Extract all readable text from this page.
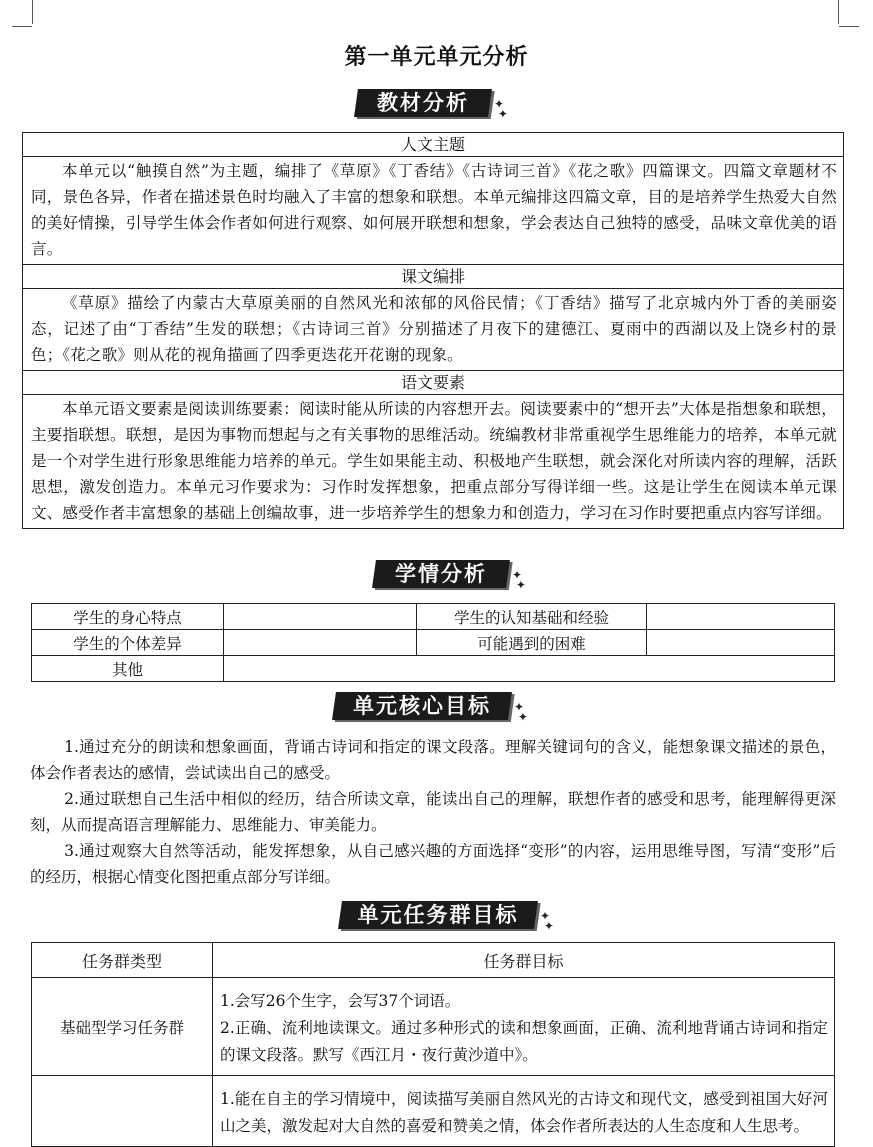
第一单元单元分析
教材分析	✦
✦
人文主题
本单元以“触摸自然”为主题，编排了《草原》《丁香结》《古诗词三首》《花之歌》四篇课文。四篇文章题材不同，景色各异，作者在描述景色时均融入了丰富的想象和联想。本单元编排这四篇文章，目的是培养学生热爱大自然的美好情操，引导学生体会作者如何进行观察、如何展开联想和想象，学会表达自己独特的感受，品味文章优美的语言。
课文编排
《草原》描绘了内蒙古大草原美丽的自然风光和浓郁的风俗民情；《丁香结》描写了北京城内外丁香的美丽姿态，记述了由“丁香结”生发的联想；《古诗词三首》分别描述了月夜下的建德江、夏雨中的西湖以及上饶乡村的景色；《花之歌》则从花的视角描画了四季更迭花开花谢的现象。
语文要素
本单元语文要素是阅读训练要素：阅读时能从所读的内容想开去。阅读要素中的“想开去”大体是指想象和联想，主要指联想。联想，是因为事物而想起与之有关事物的思维活动。统编教材非常重视学生思维能力的培养，本单元就是一个对学生进行形象思维能力培养的单元。学生如果能主动、积极地产生联想，就会深化对所读内容的理解，活跃思想，激发创造力。本单元习作要求为：习作时发挥想象，把重点部分写得详细一些。这是让学生在阅读本单元课文、感受作者丰富想象的基础上创编故事，进一步培养学生的想象力和创造力，学习在习作时要把重点内容写详细。
学情分析	✦
✦
学生的身心特点		学生的认知基础和经验	
学生的个体差异		可能遇到的困难	
其他			
单元核心目标	✦
✦

1.通过充分的朗读和想象画面，背诵古诗词和指定的课文段落。理解关键词句的含义，能想象课文描述的景色，体会作者表达的感情，尝试读出自己的感受。

2.通过联想自己生活中相似的经历，结合所读文章，能读出自己的理解，联想作者的感受和思考，能理解得更深刻，从而提高语言理解能力、思维能力、审美能力。

3.通过观察大自然等活动，能发挥想象，从自己感兴趣的方面选择“变形”的内容，运用思维导图，写清“变形”后的经历，根据心情变化图把重点部分写详细。

单元任务群目标	✦
✦
任务群类型	任务群目标
基础型学习任务群	1.会写26个生字，会写37个词语。
2.正确、流利地读课文。通过多种形式的读和想象画面，正确、流利地背诵古诗词和指定的课文段落。默写《西江月・夜行黄沙道中》。

	1.能在自主的学习情境中，阅读描写美丽自然风光的古诗文和现代文，感受到祖国大好河山之美，激发起对大自然的喜爱和赞美之情，体会作者所表达的人生态度和人生思考。
